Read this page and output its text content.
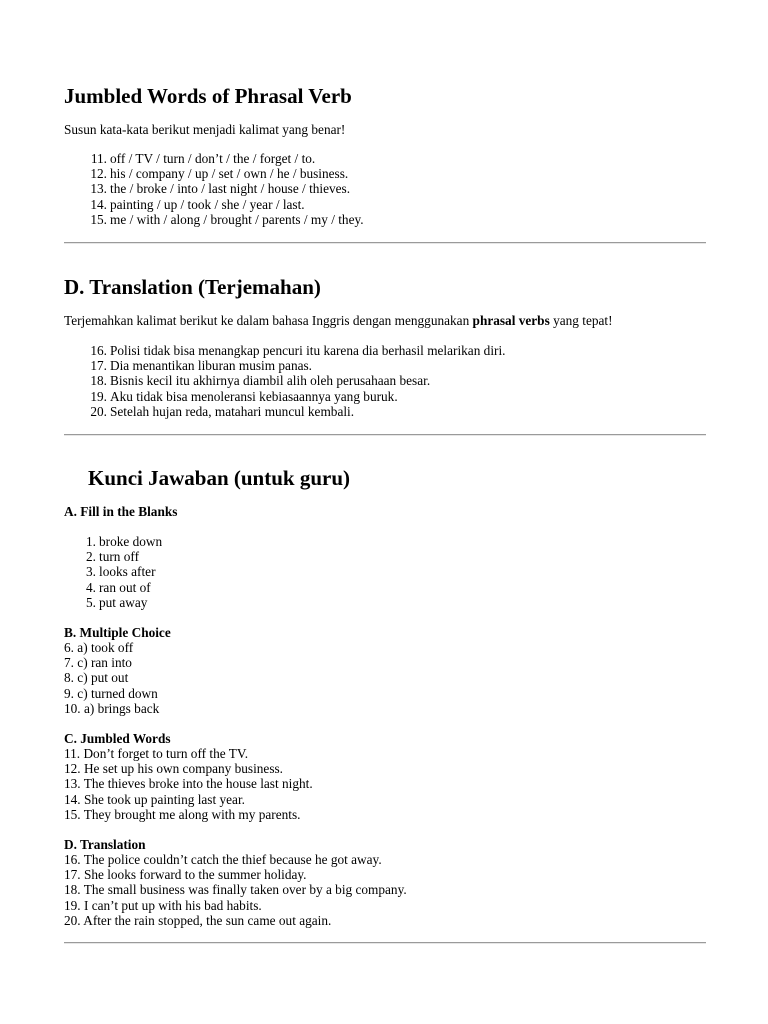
Jumbled Words of Phrasal Verb

Susun kata-kata berikut menjadi kalimat yang benar!

11. off / TV / turn / don’t / the / forget / to.
12. his / company / up / set / own / he / business.
13. the / broke / into / last night / house / thieves.
14. painting / up / took / she / year / last.
15. me / with / along / brought / parents / my / they.
D. Translation (Terjemahan)

Terjemahkan kalimat berikut ke dalam bahasa Inggris dengan menggunakan phrasal verbs yang tepat!

16. Polisi tidak bisa menangkap pencuri itu karena dia berhasil melarikan diri.
17. Dia menantikan liburan musim panas.
18. Bisnis kecil itu akhirnya diambil alih oleh perusahaan besar.
19. Aku tidak bisa menoleransi kebiasaannya yang buruk.
20. Setelah hujan reda, matahari muncul kembali.
Kunci Jawaban (untuk guru)

A. Fill in the Blanks

1. broke down
2. turn off
3. looks after
4. ran out of
5. put away

B. Multiple Choice

6. a) took off
7. c) ran into
8. c) put out
9. c) turned down
10. a) brings back

C. Jumbled Words

11. Don’t forget to turn off the TV.
12. He set up his own company business.
13. The thieves broke into the house last night.
14. She took up painting last year.
15. They brought me along with my parents.

D. Translation

16. The police couldn’t catch the thief because he got away.
17. She looks forward to the summer holiday.
18. The small business was finally taken over by a big company.
19. I can’t put up with his bad habits.
20. After the rain stopped, the sun came out again.
